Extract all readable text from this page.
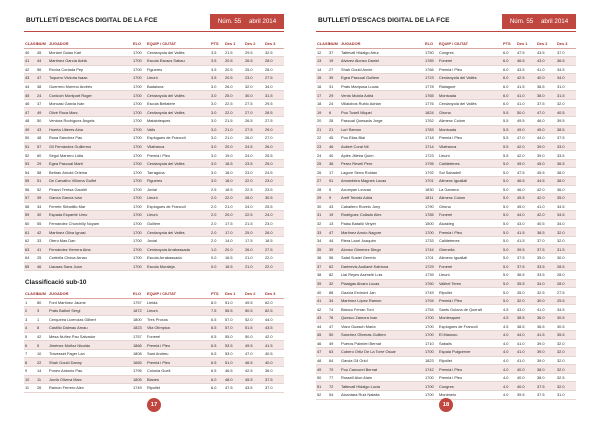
BUTLLETÍ D'ESCACS DIGITAL DE LA FCE	Núm. 55 abril 2014
CLASS	NUM	JUGADOR	ELO	EQUIP / CIUTAT	PTS	Des 1	Des 2	Des 3
40	45	Moriani Guiao Karl	1700	Cerdanyola del Vallès	3.5	21.5	29.5	32.5
41	44	Martínez García Adrià	1700	Escola Escacs Sabau	3.5	20.5	26.5	28.0
42	56	Rovira Cortada Pep	1700	Figueres	3.5	20.5	25.0	28.0
43	47	Toquero Victoria Isaac	1700	Lleuró	3.5	20.5	23.0	27.5
44	38	Guerrero Moreno Andrés	1700	Badalona	3.0	26.0	32.0	34.0
45	24	Cordoch Montpart Roger	1700	Cerdanyola del Vallès	3.0	25.0	30.0	31.5
46	37	Moncasi Garcia Iván	1700	Escola Bellatere	3.0	22.5	27.5	29.5
47	49	Olivé Roca Marc	1700	Cerdanyola del Vallès	3.0	22.0	27.0	28.5
48	50	Ventura Rodríguez Àngels	1700	Mataloteques	3.0	21.5	26.5	27.5
49	43	Huerta Lliteres Aina	1700	Valls	3.0	21.0	27.5	29.0
50	48	Rosa Sánchez Pau	1700	Esplugues de Francolí	3.0	21.0	26.0	27.0
51	57	Gil Fernández Guillermo	1700	Vilafranca	3.0	20.0	24.5	26.0
52	60	Segui Marrero Lidia	1700	Premià i Pleo	3.0	19.0	24.0	25.5
53	29	Egea Pascual Martí	1700	Cerdanyola del Vallès	3.0	18.5	23.5	25.0
54	58	Beltran Arnold Orleina	1700	Tarragona	3.0	18.0	23.0	24.5
55	51	De Carvalho Villorna Guifré	1700	Figueres	3.0	18.0	22.0	23.0
56	52	Pirazzi Teresa Gauriél	1700	Jovial	2.5	18.5	22.5	23.5
57	39	García García Iván	1700	Lleuró	2.0	22.0	28.0	30.5
58	34	Ferrete Sirbatillo Mar	1700	Esplugues de Francolí	2.0	21.0	24.0	25.5
59	30	Espada Esparbé Ureo	1700	Lleuró	2.0	20.0	22.5	24.0
60	55	Fernandez Churchilly Noyam	1700	Guillem	2.0	17.5	21.5	23.0
61	42	Martínez Oliva Ignasi	1700	Cerdanyola del Vallès	2.0	17.0	25.0	26.0
62	33	Otero Mas Dan	1700	Jovial	2.0	14.0	17.5	18.5
63	41	Fernández Herrera Aina	1700	Cerdanyola Arrabassada	1.0	20.0	26.0	27.5
64	25	Cortiella Checa Arnau	1700	Escola Arrabassada	0.0	16.5	21.0	22.0
65	46	Llausas Sans Joan	1700	Escola Moraleja	0.0	16.5	21.0	22.0
Classificació sub-10
CLASS	NUM	JUGADOR	ELO	EQUIP / CIUTAT	PTS	Des 1	Des 2	Des 3
1	80	Font Martínez Jaume	1757	Lleida	8.0	51.0	49.5	62.0
2	3	Prats Batlori Sergi	1872	Lleuró	7.5	55.5	50.5	62.5
3	1	Cerqueira Licencias Gilbert	1800	Tres Proxos	6.5	57.0	52.0	44.0
4	8	Castillo Dalmau Arnau	1823	Vila Olímpica	6.5	57.0	51.5	43.5
5	42	Mesa Nuñez Pau Salvador	1757	Fonerel	6.5	55.0	50.0	42.0
6	5	Jiménez Muñoz Nicolás	1866	Premià i Pleo	6.5	53.5	49.5	41.5
7	10	Travesset Fager Lan	1808	Sant Andreu	6.5	53.0	47.0	40.5
8	22	Shah Gould Danny	1665	Premià i Pleo	6.5	51.0	46.5	40.0
9	14	Puneo Antonio Pau	1795	Colonia Guell	6.5	46.5	42.5	36.0
10	11	Jordà Olivera Marc	1805	Blanes	6.0	48.0	45.5	37.5
11	26	Ramon Ferrero Alex	1749	Ripollet	6.0	47.5	43.5	37.0
17
BUTLLETÍ D'ESCACS DIGITAL DE LA FCE	Núm. 55 abril 2014
CLASS	NUM	JUGADOR	ELO	EQUIP / CIUTAT	PTS	Des 1	Des 2	Des 3
12	37	Tattevall Hidalgo Artur	1750	Congres	6.0	47.5	43.5	37.0
13	19	Alvarez Alonso Daniel	1789	Fonerel	6.0	46.5	43.0	36.5
14	27	Shah Gould Annie	1766	Premià i Pleo	6.0	43.5	41.0	34.5
15	39	Egea Pascual Guillem	1723	Cerdanyola del Vallès	6.0	42.5	40.0	34.0
16	31	Prats Mariposa Lucas	1778	Rialaguer	6.0	41.5	38.5	31.0
17	29	Vento Muixia Adrià	1765	Montcada	6.0	41.0	38.0	31.5
18	24	Villalobos Rubio Adrian	1776	Cerdanyola del Vallès	6.0	41.0	37.5	32.0
19	6	Pou Tusell Miquel	1824	Girona	5.5	50.0	47.0	40.5
20	28	Pascual Quesada Jorge	1762	Alimenc Colom	5.5	49.5	46.0	39.5
21	21	Lori Ramon	1783	Montcada	5.5	49.0	45.0	38.5
22	45	Pou Elias Blai	1718	Premià i Pleo	5.5	47.0	44.0	37.5
23	46	Aubert Coral Nil	1714	Vilafranca	5.5	42.0	39.0	33.0
24	40	Apiès Jitieira Quim	1723	Lleuró	5.5	42.0	39.0	33.5
25	38	Perez Revell Pere	1795	Calldetenes	5.0	49.0	45.0	36.5
26	17	Lagore Serra Roldan	1792	Sol Sabadell	5.0	47.5	45.5	38.0
27	51	Amoedeira Magnes Lucas	1701	Alimenc Iguallall	5.0	46.5	44.5	38.0
28	5	Acumyan Leuvan	1830	La Garnera	5.0	46.0	42.0	36.0
29	9	Areff Teixidó Adrià	1811	Alimenc Colom	5.0	45.5	42.0	35.0
30	43	Caballero Rovelo Jony	1790	Girona	5.0	45.0	41.0	34.5
31	19	Rodriguez Collado Alex	1785	Fonerel	5.0	44.0	42.0	34.5
32	13	Palau Batalló Vinyet	1500	Alcaldeg	5.0	43.0	40.5	34.0
33	47	Martínez Arroio Nagore	1700	Premià i Pleo	5.0	41.5	38.5	32.0
34	44	Riera Lauri Joaquim	1733	Calldetenes	5.0	41.5	37.0	32.0
35	39	Alonso Gimenez Diego	1744	Girenella	5.0	39.5	37.5	31.5
36	56	Salat Sustel Gererio	1701	Alimenc Iguallall	5.0	37.5	35.0	30.0
37	62	Darteevis Audiané Katriona	1729	Fonerel	5.0	37.5	33.5	28.5
38	82	Llai Reyes Asenelé Luis	1739	Lleuró	5.0	36.5	33.5	28.0
39	32	Plaaigas Alvaro Lucas	1760	Vallirel Teres	5.0	35.5	34.0	28.0
40	88	Gazcia Ervinoni Jan	1749	Ripollet	5.0	35.0	32.5	27.5
41	34	Martínez López Ramon	1794	Premià i Pleo	5.0	32.0	30.0	25.5
42	74	Blanco Ferran Toni	1754	Sants Oolona de Queralt	4.5	43.0	41.0	34.5
43	76	Quesco Zamora Ivan	1700	Montesquee	4.5	38.5	36.0	30.5
44	47	Viaro Guasch María	1700	Esplugues de Francolí	4.5	38.5	36.5	30.5
45	50	Sanchez Oliveras Guillem	1700	El Masnou	4.0	44.0	41.5	35.5
46	49	Pueros Palmieri Bernat	1710	Sabalis	4.0	41.0	39.0	32.0
47	63	Cubero Ortiz De La Torre Oscar	1700	Espaia Puigcerver	4.0	41.0	39.0	32.0
48	64	Garcia Gil Oriol	1823	Ripollet	4.0	41.0	39.0	32.0
49	70	Pou Cancurel Bernat	1742	Premià i Pleo	4.0	40.0	38.0	32.0
50	77	Rossell Aion Alain	1700	Premià i Pleo	4.0	40.0	38.0	32.5
51	72	Tattevall Hidalgo Lucia	1700	Congres	4.0	40.0	37.5	32.0
52	54	Alcantara Ruiz Natalia	1700	Montmelo	4.0	39.5	37.5	31.0
18
